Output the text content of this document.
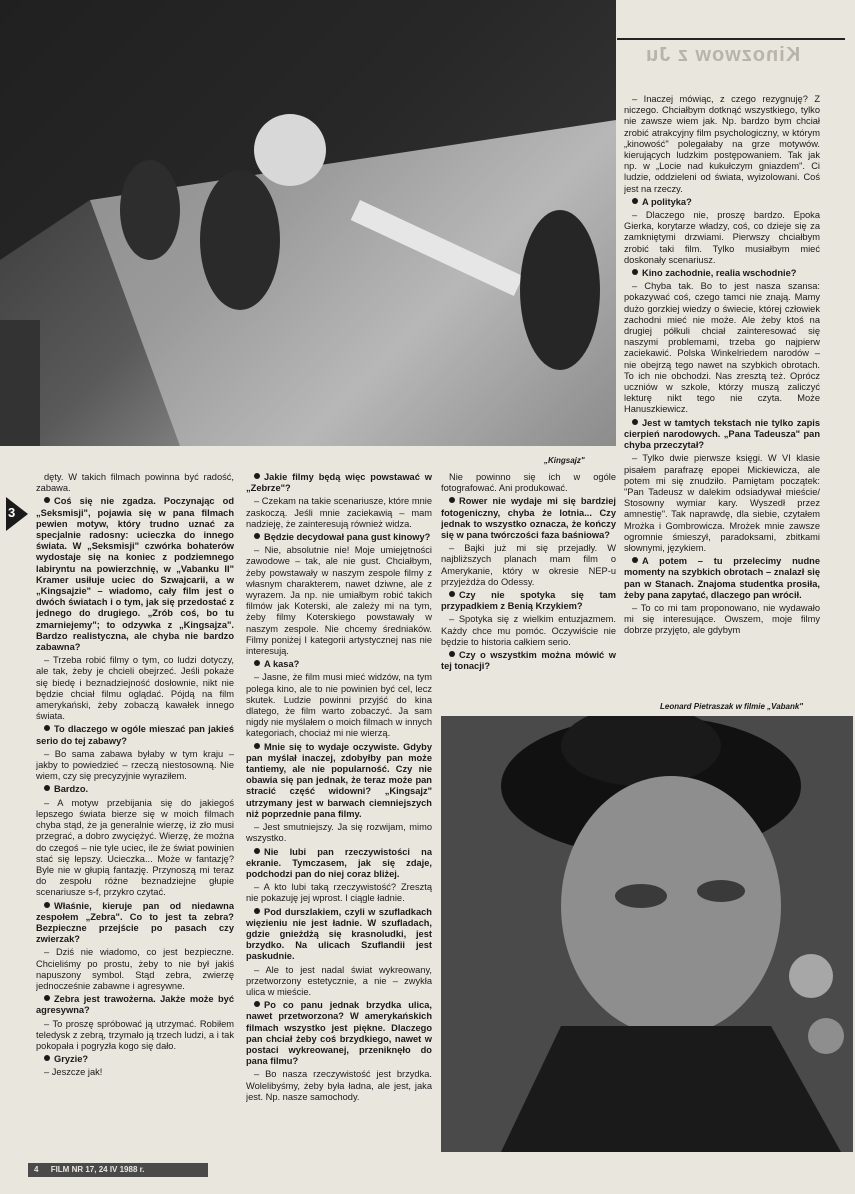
Kinozwow z Ju
„Kingsajz"
3

dęty. W takich filmach powinna być radość, zabawa.

Coś się nie zgadza. Poczynając od „Seksmisji", pojawia się w pana filmach pewien motyw, który trudno uznać za specjalnie radosny: ucieczka do innego świata. W „Seksmisji" czwórka bohaterów wydostaje się na koniec z podziemnego labiryntu na powierzchnię, w „Vabanku II" Kramer usiłuje uciec do Szwajcarii, a w „Kingsajzie" – wiadomo, cały film jest o dwóch światach i o tym, jak się przedostać z jednego do drugiego. „Zrób coś, bo tu zmarniejemy"; to odzywka z „Kingsajza". Bardzo realistyczna, ale chyba nie bardzo zabawna?

– Trzeba robić filmy o tym, co ludzi dotyczy, ale tak, żeby je chcieli obejrzeć. Jeśli pokaże się biedę i beznadziejność dosłownie, nikt nie będzie chciał filmu oglądać. Pójdą na film amerykański, żeby zobaczą kawałek innego świata.

To dlaczego w ogóle mieszać pan jakieś serio do tej zabawy?

– Bo sama zabawa byłaby w tym kraju – jakby to powiedzieć – rzeczą niestosowną. Nie wiem, czy się precyzyjnie wyraziłem.

Bardzo.

– A motyw przebijania się do jakiegoś lepszego świata bierze się w moich filmach chyba stąd, że ja generalnie wierzę, iż zło musi przegrać, a dobro zwyciężyć. Wierzę, że można do czegoś – nie tyle uciec, ile że świat powinien stać się lepszy. Ucieczka... Może w fantazję? Byle nie w głupią fantazję. Przynoszą mi teraz do zespołu różne beznadziejne głupie scenariusze s-f, przykro czytać.

Właśnie, kieruje pan od niedawna zespołem „Zebra". Co to jest ta zebra? Bezpieczne przejście po pasach czy zwierzak?

– Dziś nie wiadomo, co jest bezpieczne. Chcieliśmy po prostu, żeby to nie był jakiś napuszony symbol. Stąd zebra, zwierzę jednocześnie zabawne i agresywne.

Zebra jest trawożerna. Jakże może być agresywna?

– To proszę spróbować ją utrzymać. Robiłem teledysk z zebrą, trzymało ją trzech ludzi, a i tak pokopała i pogryzła kogo się dało.

Gryzie?

– Jeszcze jak!

Jakie filmy będą więc powstawać w „Zebrze"?

– Czekam na takie scenariusze, które mnie zaskoczą. Jeśli mnie zaciekawią – mam nadzieję, że zainteresują również widza.

Będzie decydował pana gust kinowy?

– Nie, absolutnie nie! Moje umiejętności zawodowe – tak, ale nie gust. Chciałbym, żeby powstawały w naszym zespole filmy z własnym charakterem, nawet dziwne, ale z wyrazem. Ja np. nie umiałbym robić takich filmów jak Koterski, ale zależy mi na tym, żeby filmy Koterskiego powstawały w naszym zespole. Nie chcemy średniaków. Filmy poniżej I kategorii artystycznej nas nie interesują.

A kasa?

– Jasne, że film musi mieć widzów, na tym polega kino, ale to nie powinien być cel, lecz skutek. Ludzie powinni przyjść do kina dlatego, że film warto zobaczyć. Ja sam nigdy nie myślałem o moich filmach w innych kategoriach, chociaż mi nie wierzą.

Mnie się to wydaje oczywiste. Gdyby pan myślał inaczej, zdobyłby pan może tantiemy, ale nie popularność. Czy nie obawia się pan jednak, że teraz może pan stracić część widowni? „Kingsajz" utrzymany jest w barwach ciemniejszych niż poprzednie pana filmy.

– Jest smutniejszy. Ja się rozwijam, mimo wszystko.

Nie lubi pan rzeczywistości na ekranie. Tymczasem, jak się zdaje, podchodzi pan do niej coraz bliżej.

– A kto lubi taką rzeczywistość? Zresztą nie pokazuję jej wprost. I ciągle ładnie.

Pod durszlakiem, czyli w szufladkach więzieniu nie jest ładnie. W szufladach, gdzie gnieżdżą się krasnoludki, jest brzydko. Na ulicach Szuflandii jest paskudnie.

– Ale to jest nadal świat wykreowany, przetworzony estetycznie, a nie – zwykła ulica w mieście.

Po co panu jednak brzydka ulica, nawet przetworzona? W amerykańskich filmach wszystko jest piękne. Dlaczego pan chciał żeby coś brzydkiego, nawet w postaci wykreowanej, przeniknęło do pana filmu?

– Bo nasza rzeczywistość jest brzydka. Wolelibyśmy, żeby była ładna, ale jest, jaka jest. Np. nasze samochody.

Nie powinno się ich w ogóle fotografować. Ani produkować.

Rower nie wydaje mi się bardziej fotogeniczny, chyba że lotnia... Czy jednak to wszystko oznacza, że kończy się w pana twórczości faza baśniowa?

– Bajki już mi się przejadły. W najbliższych planach mam film o Amerykanie, który w okresie NEP-u przyjeżdża do Odessy.

Czy nie spotyka się tam przypadkiem z Benią Krzykiem?

– Spotyka się z wielkim entuzjazmem. Każdy chce mu pomóc. Oczywiście nie będzie to historia całkiem serio.

Czy o wszystkim można mówić w tej tonacji?

– Inaczej mówiąc, z czego rezygnuję? Z niczego. Chciałbym dotknąć wszystkiego, tylko nie zawsze wiem jak. Np. bardzo bym chciał zrobić atrakcyjny film psychologiczny, w którym „kinowość" polegałaby na grze motywów. kierujących ludzkim postępowaniem. Tak jak np. w „Locie nad kukułczym gniazdem". Ci ludzie, oddzieleni od świata, wyizolowani. Coś jest na rzeczy.

A polityka?

– Dlaczego nie, proszę bardzo. Epoka Gierka, korytarze władzy, coś, co dzieje się za zamkniętymi drzwiami. Pierwszy chciałbym zrobić taki film. Tylko musiałbym mieć doskonały scenariusz.

Kino zachodnie, realia wschodnie?

– Chyba tak. Bo to jest nasza szansa: pokazywać coś, czego tamci nie znają. Mamy dużo gorzkiej wiedzy o świecie, której człowiek zachodni mieć nie może. Ale żeby ktoś na drugiej półkuli chciał zainteresować się naszymi problemami, trzeba go najpierw zaciekawić. Polska Winkelriedem narodów – nie obejrzą tego nawet na szybkich obrotach. To ich nie obchodzi. Nas zresztą też. Oprócz uczniów w szkole, którzy muszą zaliczyć lekturę nikt tego nie czyta. Może Hanuszkiewicz.

Jest w tamtych tekstach nie tylko zapis cierpień narodowych. „Pana Tadeusza" pan chyba przeczytał?

– Tylko dwie pierwsze księgi. W VI klasie pisałem parafrazę epopei Mickiewicza, ale potem mi się znudziło. Pamiętam początek: "Pan Tadeusz w dalekim odsiadywał mieście/ Stosowny wymiar kary. Wyszedł przez amnestię". Tak naprawdę, dla siebie, czytałem Mrożka i Gombrowicza. Mrożek mnie zawsze ogromnie śmieszył, paradoksami, zbitkami słownymi, językiem.

A potem – tu przelecimy nudne momenty na szybkich obrotach – znalazł się pan w Stanach. Znajoma studentka prosiła, żeby pana zapytać, dlaczego pan wrócił.

– To co mi tam proponowano, nie wydawało mi się interesujące. Owszem, moje filmy dobrze przyjęto, ale gdybym

Leonard Pietraszak w filmie „Vabank"
4 FILM NR 17, 24 IV 1988 r.
